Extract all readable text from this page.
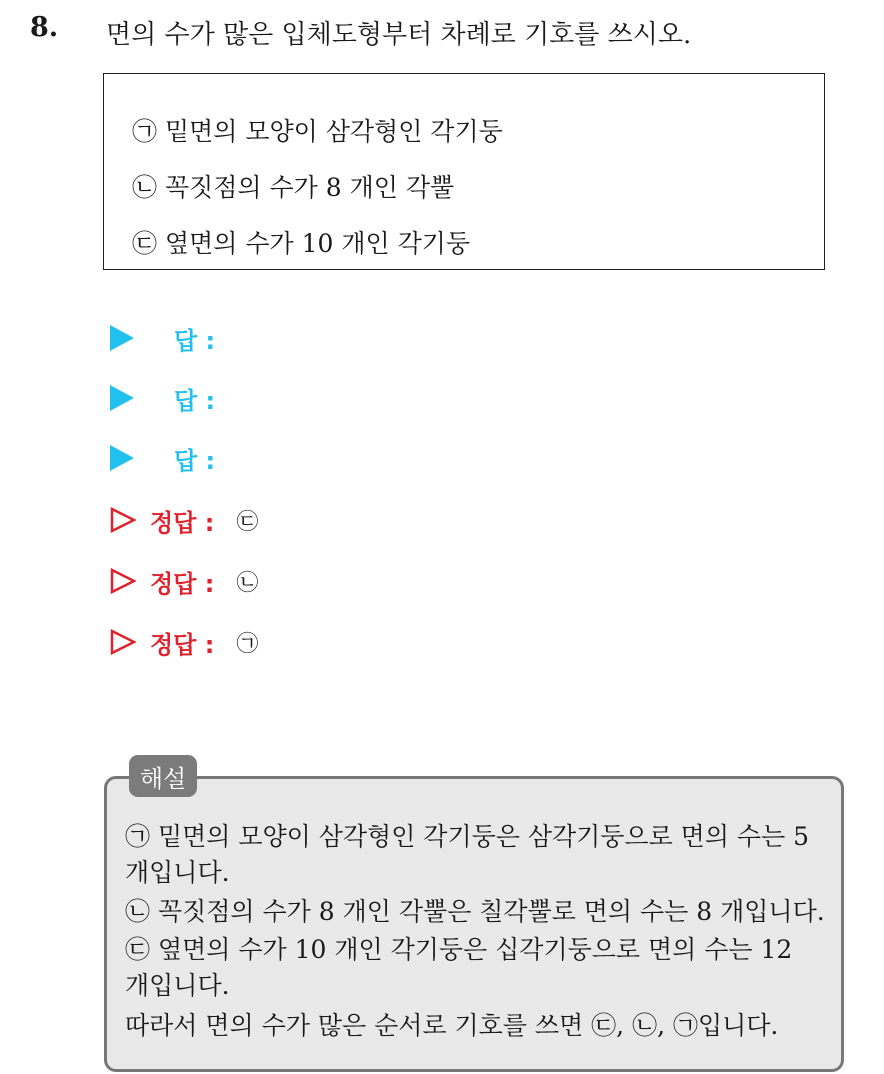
8. 면의 수가 많은 입체도형부터 차례로 기호를 쓰시오.
㉠ 밑면의 모양이 삼각형인 각기둥
㉡ 꼭짓점의 수가 8 개인 각뿔
㉢ 옆면의 수가 10 개인 각기둥
답 :
답 :
답 :
정답 : ㉢
정답 : ㉡
정답 : ㉠
해설
㉠ 밑면의 모양이 삼각형인 각기둥은 삼각기둥으로 면의 수는 5
개입니다.
㉡ 꼭짓점의 수가 8 개인 각뿔은 칠각뿔로 면의 수는 8 개입니다.
㉢ 옆면의 수가 10 개인 각기둥은 십각기둥으로 면의 수는 12
개입니다.
따라서 면의 수가 많은 순서로 기호를 쓰면 ㉢, ㉡, ㉠입니다.
